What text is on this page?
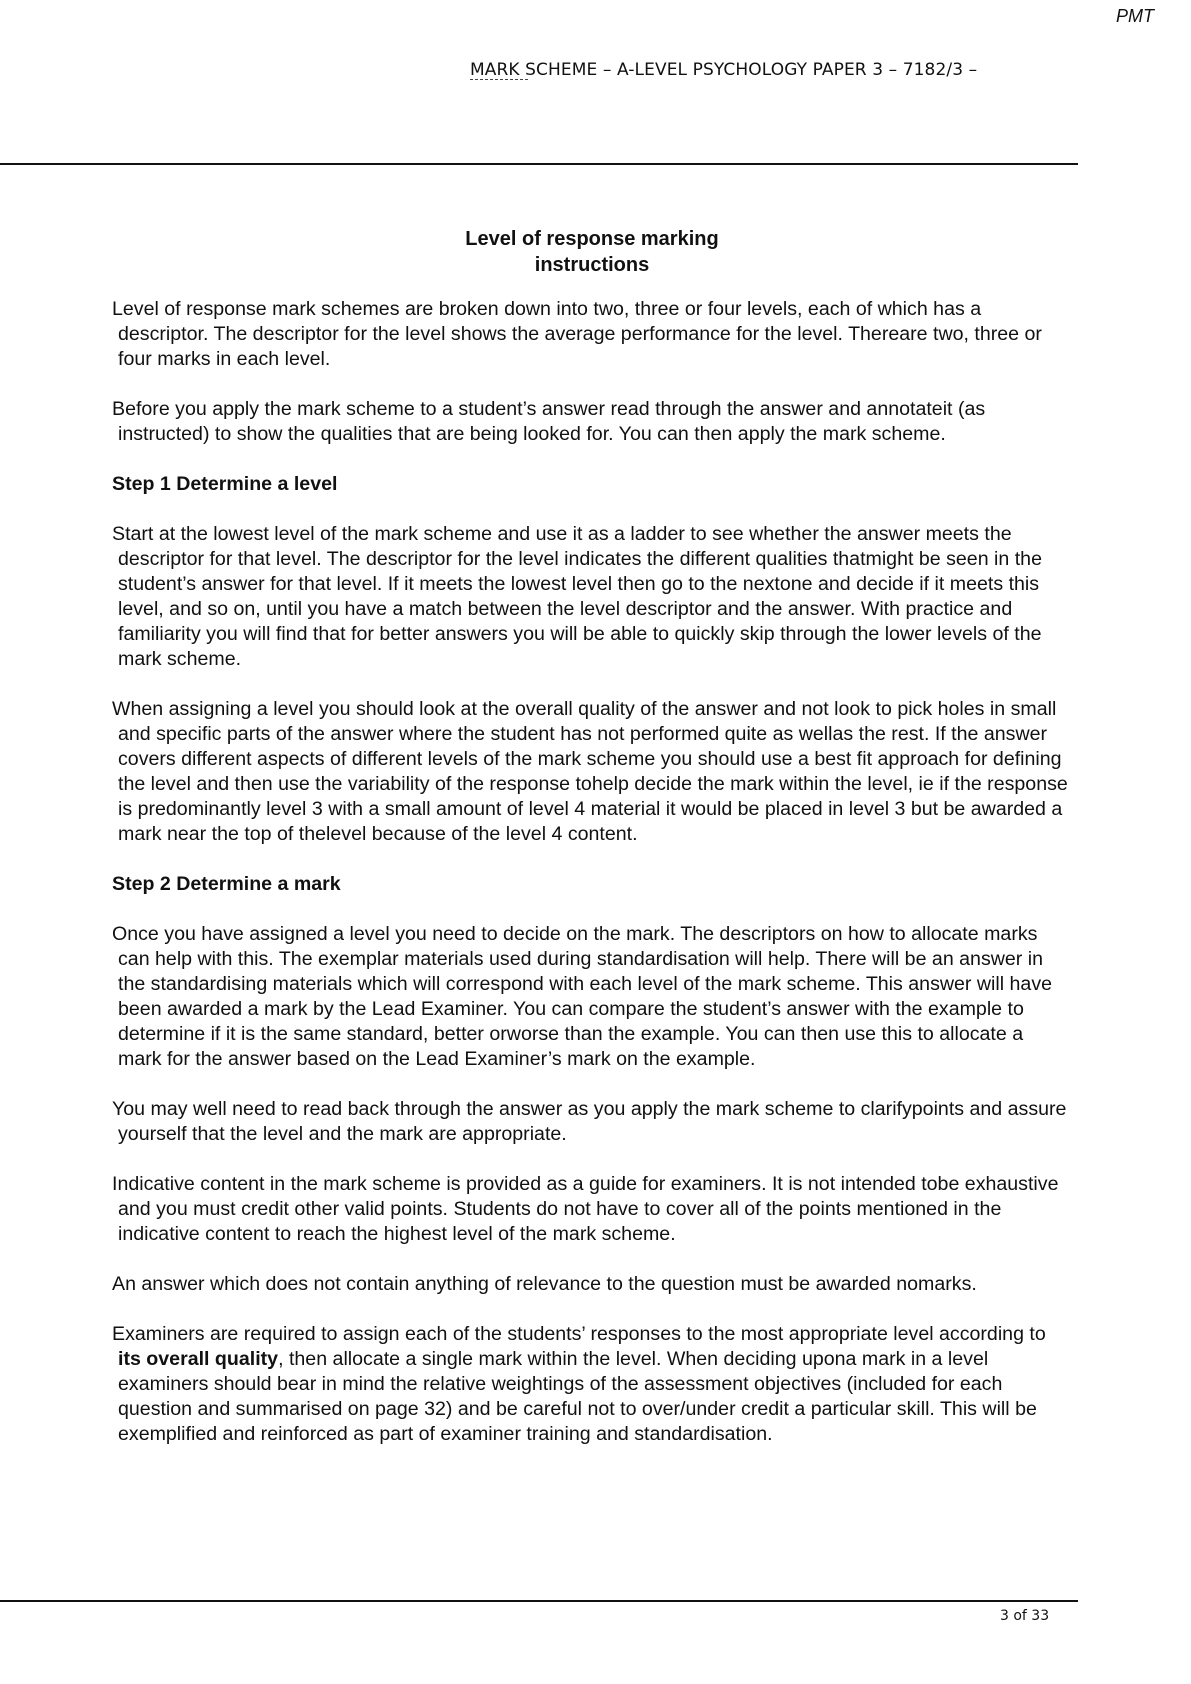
PMT
MARK SCHEME – A-LEVEL PSYCHOLOGY PAPER 3 – 7182/3 –
Level of response marking
instructions

Level of response mark schemes are broken down into two, three or four levels, each of which has a descriptor. The descriptor for the level shows the average performance for the level. Thereare two, three or four marks in each level.

Before you apply the mark scheme to a student’s answer read through the answer and annotateit (as instructed) to show the qualities that are being looked for. You can then apply the mark scheme.

Step 1 Determine a level

Start at the lowest level of the mark scheme and use it as a ladder to see whether the answer meets the descriptor for that level. The descriptor for the level indicates the different qualities thatmight be seen in the student’s answer for that level. If it meets the lowest level then go to the nextone and decide if it meets this level, and so on, until you have a match between the level descriptor and the answer. With practice and familiarity you will find that for better answers you will be able to quickly skip through the lower levels of the mark scheme.

When assigning a level you should look at the overall quality of the answer and not look to pick holes in small and specific parts of the answer where the student has not performed quite as wellas the rest. If the answer covers different aspects of different levels of the mark scheme you should use a best fit approach for defining the level and then use the variability of the response tohelp decide the mark within the level, ie if the response is predominantly level 3 with a small amount of level 4 material it would be placed in level 3 but be awarded a mark near the top of thelevel because of the level 4 content.

Step 2 Determine a mark

Once you have assigned a level you need to decide on the mark. The descriptors on how to allocate marks can help with this. The exemplar materials used during standardisation will help. There will be an answer in the standardising materials which will correspond with each level of the mark scheme. This answer will have been awarded a mark by the Lead Examiner. You can compare the student’s answer with the example to determine if it is the same standard, better orworse than the example. You can then use this to allocate a mark for the answer based on the Lead Examiner’s mark on the example.

You may well need to read back through the answer as you apply the mark scheme to clarifypoints and assure yourself that the level and the mark are appropriate.

Indicative content in the mark scheme is provided as a guide for examiners. It is not intended tobe exhaustive and you must credit other valid points. Students do not have to cover all of the points mentioned in the indicative content to reach the highest level of the mark scheme.

An answer which does not contain anything of relevance to the question must be awarded nomarks.

Examiners are required to assign each of the students’ responses to the most appropriate level according to its overall quality, then allocate a single mark within the level. When deciding upona mark in a level examiners should bear in mind the relative weightings of the assessment objectives (included for each question and summarised on page 32) and be careful not to over/under credit a particular skill. This will be exemplified and reinforced as part of examiner training and standardisation.

3 of 33
